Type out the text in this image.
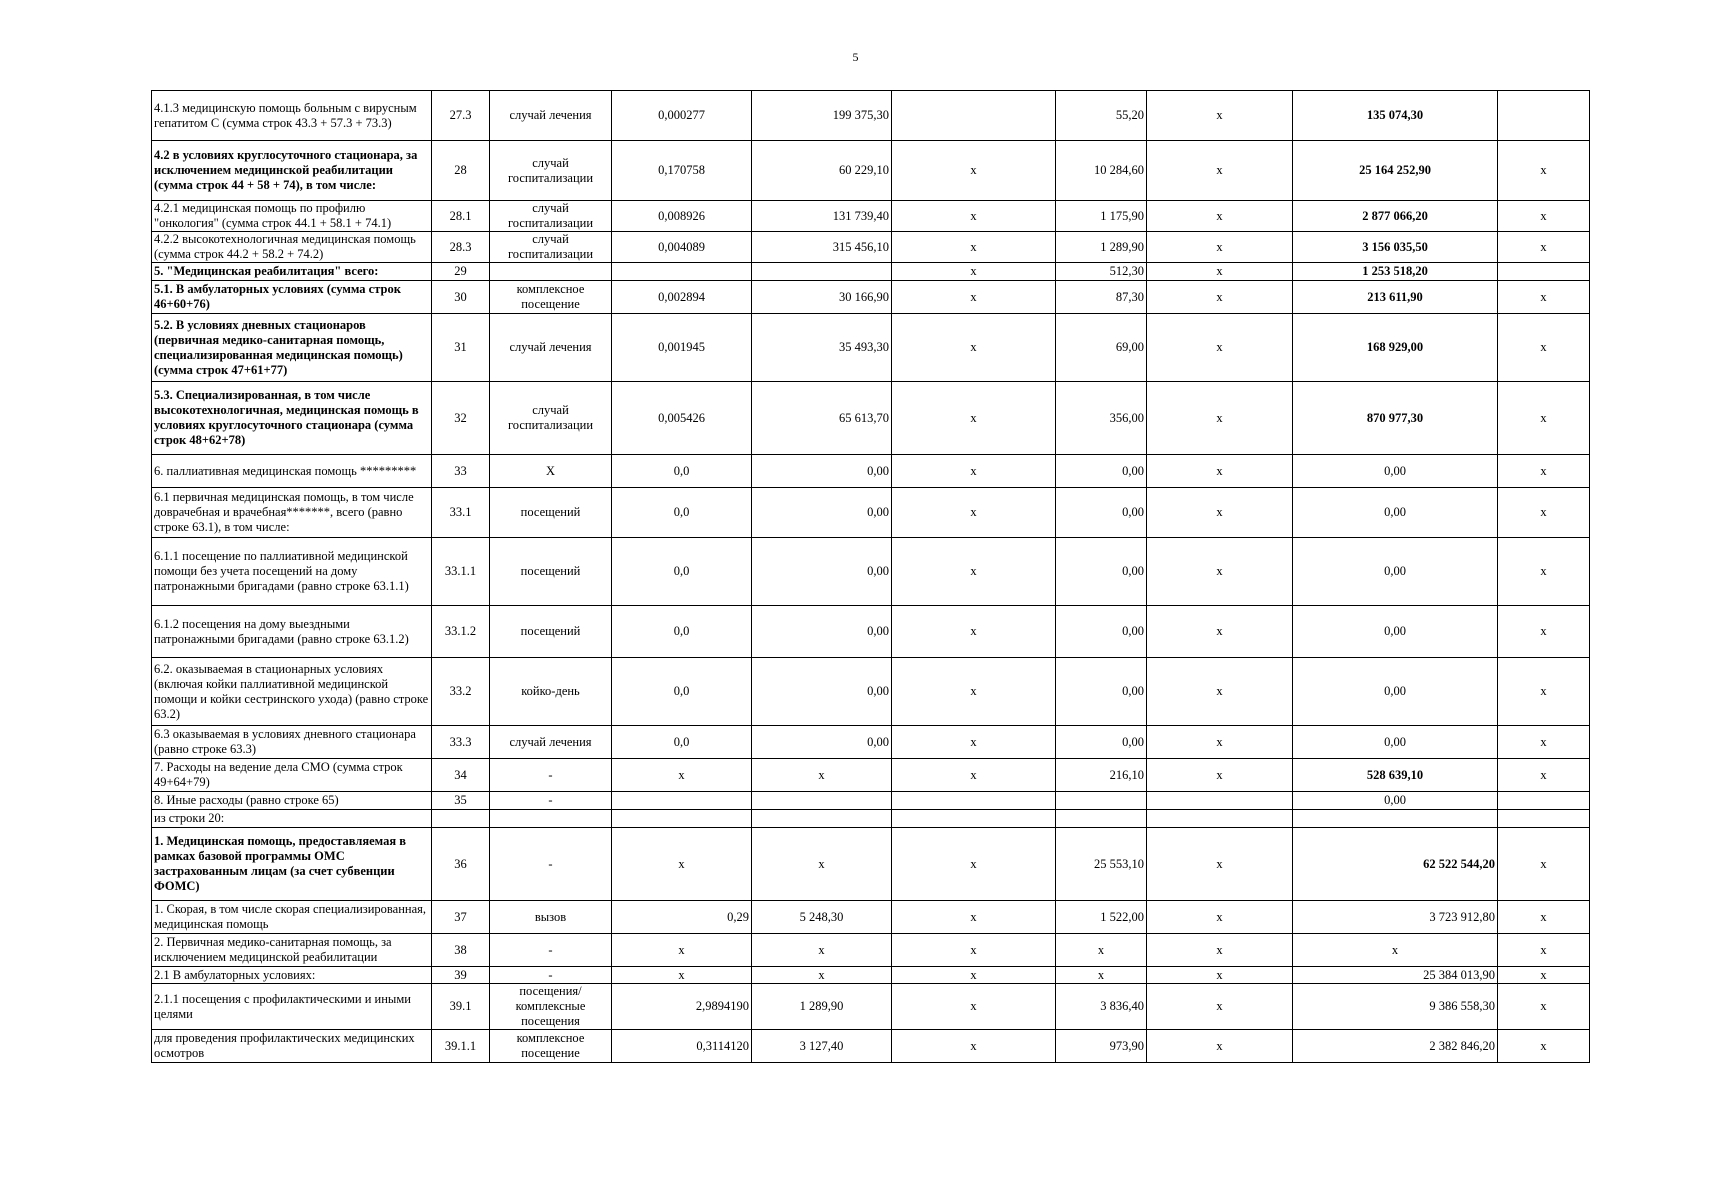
5
4.1.3 медицинскую помощь больным с вирусным гепатитом С (сумма строк 43.3 + 57.3 + 73.3)	27.3	случай лечения	0,000277	199 375,30		55,20	x	135 074,30	
4.2 в условиях круглосуточного стационара, за исключением медицинской реабилитации (сумма строк 44 + 58 + 74), в том числе:	28	случай госпитализации	0,170758	60 229,10	x	10 284,60	x	25 164 252,90	x
4.2.1 медицинская помощь по профилю "онкология" (сумма строк 44.1 + 58.1 + 74.1)	28.1	случай госпитализации	0,008926	131 739,40	x	1 175,90	x	2 877 066,20	x
4.2.2 высокотехнологичная медицинская помощь (сумма строк 44.2 + 58.2 + 74.2)	28.3	случай госпитализации	0,004089	315 456,10	x	1 289,90	x	3 156 035,50	x
5. "Медицинская реабилитация" всего:	29				x	512,30	x	1 253 518,20	
5.1. В амбулаторных условиях (сумма строк 46+60+76)	30	комплексное посещение	0,002894	30 166,90	x	87,30	x	213 611,90	x
5.2. В условиях дневных стационаров (первичная медико-санитарная помощь, специализированная медицинская помощь) (сумма строк 47+61+77)	31	случай лечения	0,001945	35 493,30	x	69,00	x	168 929,00	x
5.3. Специализированная, в том числе высокотехнологичная, медицинская помощь в условиях круглосуточного стационара (сумма строк 48+62+78)	32	случай госпитализации	0,005426	65 613,70	x	356,00	x	870 977,30	x
6. паллиативная медицинская помощь *********	33	X	0,0	0,00	x	0,00	x	0,00	x
6.1 первичная медицинская помощь, в том числе доврачебная и врачебная*******, всего (равно строке 63.1), в том числе:	33.1	посещений	0,0	0,00	x	0,00	x	0,00	x
6.1.1 посещение по паллиативной медицинской помощи без учета посещений на дому патронажными бригадами (равно строке 63.1.1)	33.1.1	посещений	0,0	0,00	x	0,00	x	0,00	x
6.1.2 посещения на дому выездными патронажными бригадами (равно строке 63.1.2)	33.1.2	посещений	0,0	0,00	x	0,00	x	0,00	x
6.2. оказываемая в стационарных условиях (включая койки паллиативной медицинской помощи и койки сестринского ухода) (равно строке 63.2)	33.2	койко-день	0,0	0,00	x	0,00	x	0,00	x
6.3 оказываемая в условиях дневного стационара (равно строке 63.3)	33.3	случай лечения	0,0	0,00	x	0,00	x	0,00	x
7. Расходы на ведение дела СМО (сумма строк 49+64+79)	34	-	x	x	x	216,10	x	528 639,10	x
8. Иные расходы (равно строке 65)	35	-						0,00	
из строки 20:									
1. Медицинская помощь, предоставляемая в рамках базовой программы ОМС застрахованным лицам (за счет субвенции ФОМС)	36	-	x	x	x	25 553,10	x	62 522 544,20	x
1. Скорая, в том числе скорая специализированная, медицинская помощь	37	вызов	0,29	5 248,30	x	1 522,00	x	3 723 912,80	x
2. Первичная медико-санитарная помощь, за исключением медицинской реабилитации	38	-	x	x	x	x	x	x	x
2.1 В амбулаторных условиях:	39	-	x	x	x	x	x	25 384 013,90	x
2.1.1 посещения с профилактическими и иными целями	39.1	посещения/комплексные посещения	2,9894190	1 289,90	x	3 836,40	x	9 386 558,30	x
для проведения профилактических медицинских осмотров	39.1.1	комплексное посещение	0,3114120	3 127,40	x	973,90	x	2 382 846,20	x
